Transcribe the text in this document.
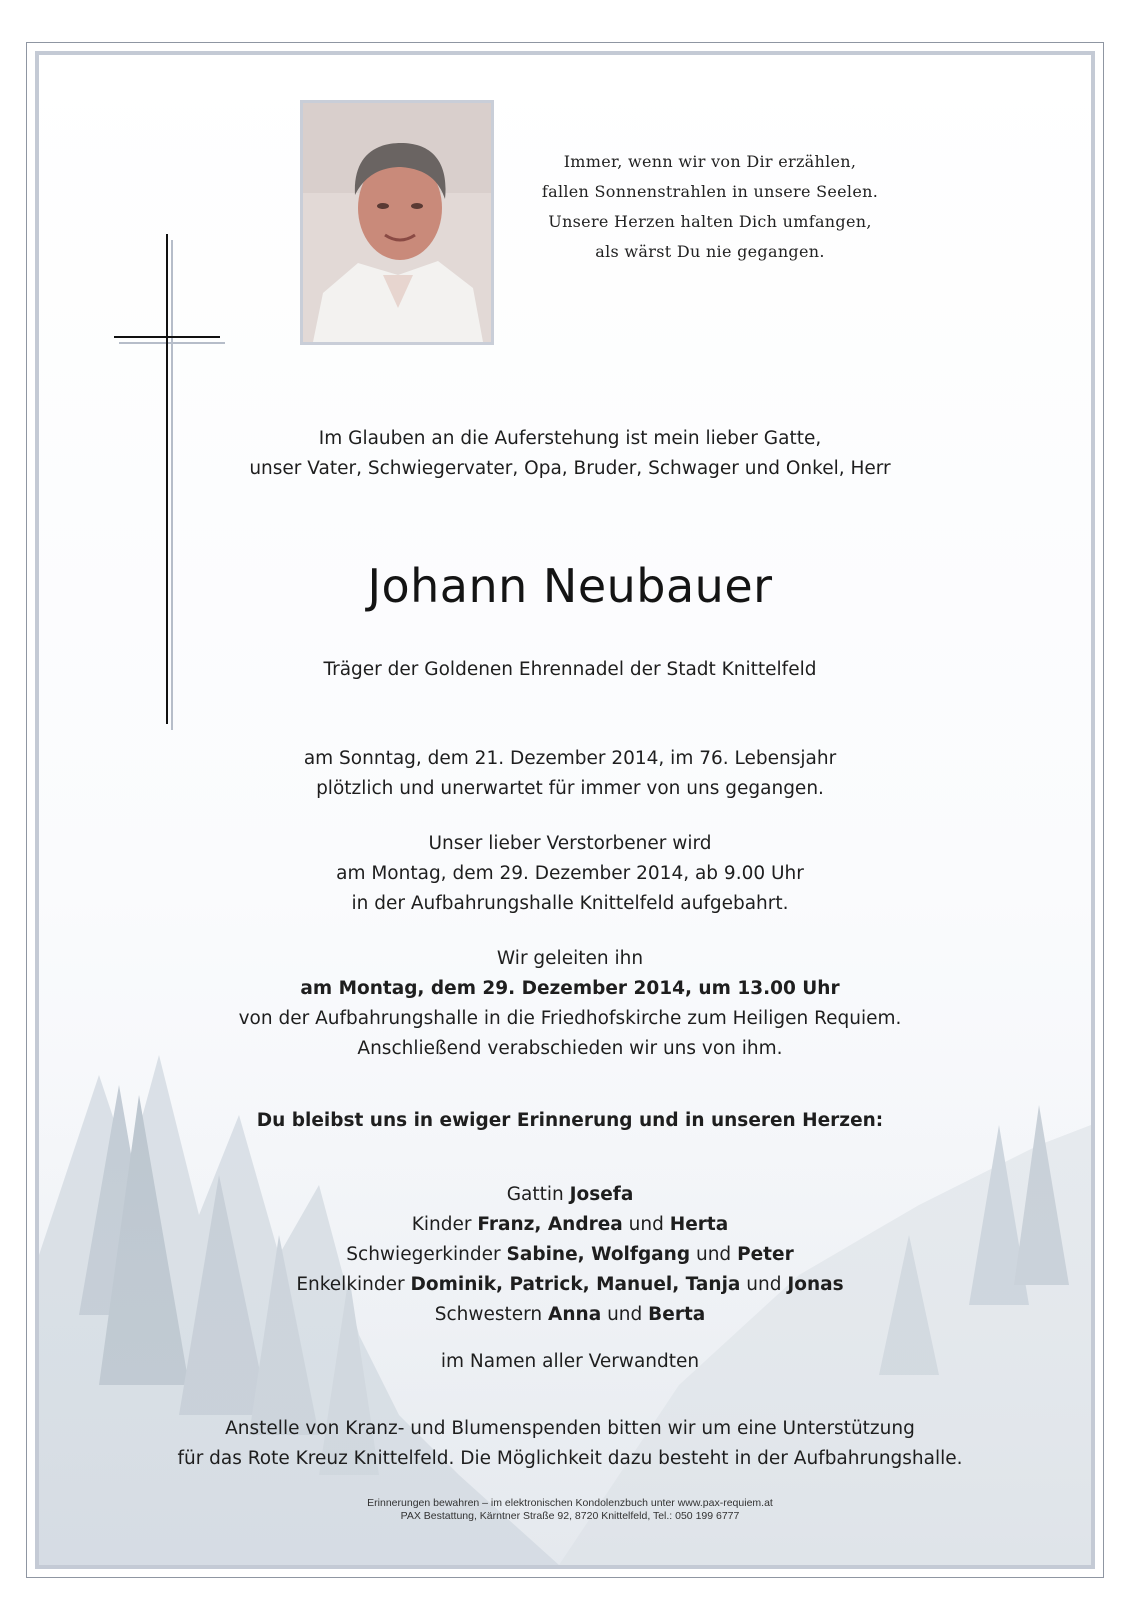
Immer, wenn wir von Dir erzählen,
fallen Sonnenstrahlen in unsere Seelen.
Unsere Herzen halten Dich umfangen,
als wärst Du nie gegangen.
Im Glauben an die Auferstehung ist mein lieber Gatte,
unser Vater, Schwiegervater, Opa, Bruder, Schwager und Onkel, Herr
Johann Neubauer
Träger der Goldenen Ehrennadel der Stadt Knittelfeld
am Sonntag, dem 21. Dezember 2014, im 76. Lebensjahr
plötzlich und unerwartet für immer von uns gegangen.
Unser lieber Verstorbener wird
am Montag, dem 29. Dezember 2014, ab 9.00 Uhr
in der Aufbahrungshalle Knittelfeld aufgebahrt.
Wir geleiten ihn
am Montag, dem 29. Dezember 2014, um 13.00 Uhr
von der Aufbahrungshalle in die Friedhofskirche zum Heiligen Requiem.
Anschließend verabschieden wir uns von ihm.
Du bleibst uns in ewiger Erinnerung und in unseren Herzen:
Gattin Josefa
Kinder Franz, Andrea und Herta
Schwiegerkinder Sabine, Wolfgang und Peter
Enkelkinder Dominik, Patrick, Manuel, Tanja und Jonas
Schwestern Anna und Berta
im Namen aller Verwandten
Anstelle von Kranz- und Blumenspenden bitten wir um eine Unterstützung
für das Rote Kreuz Knittelfeld. Die Möglichkeit dazu besteht in der Aufbahrungshalle.
Erinnerungen bewahren – im elektronischen Kondolenzbuch unter www.pax-requiem.at
PAX Bestattung, Kärntner Straße 92, 8720 Knittelfeld, Tel.: 050 199 6777
